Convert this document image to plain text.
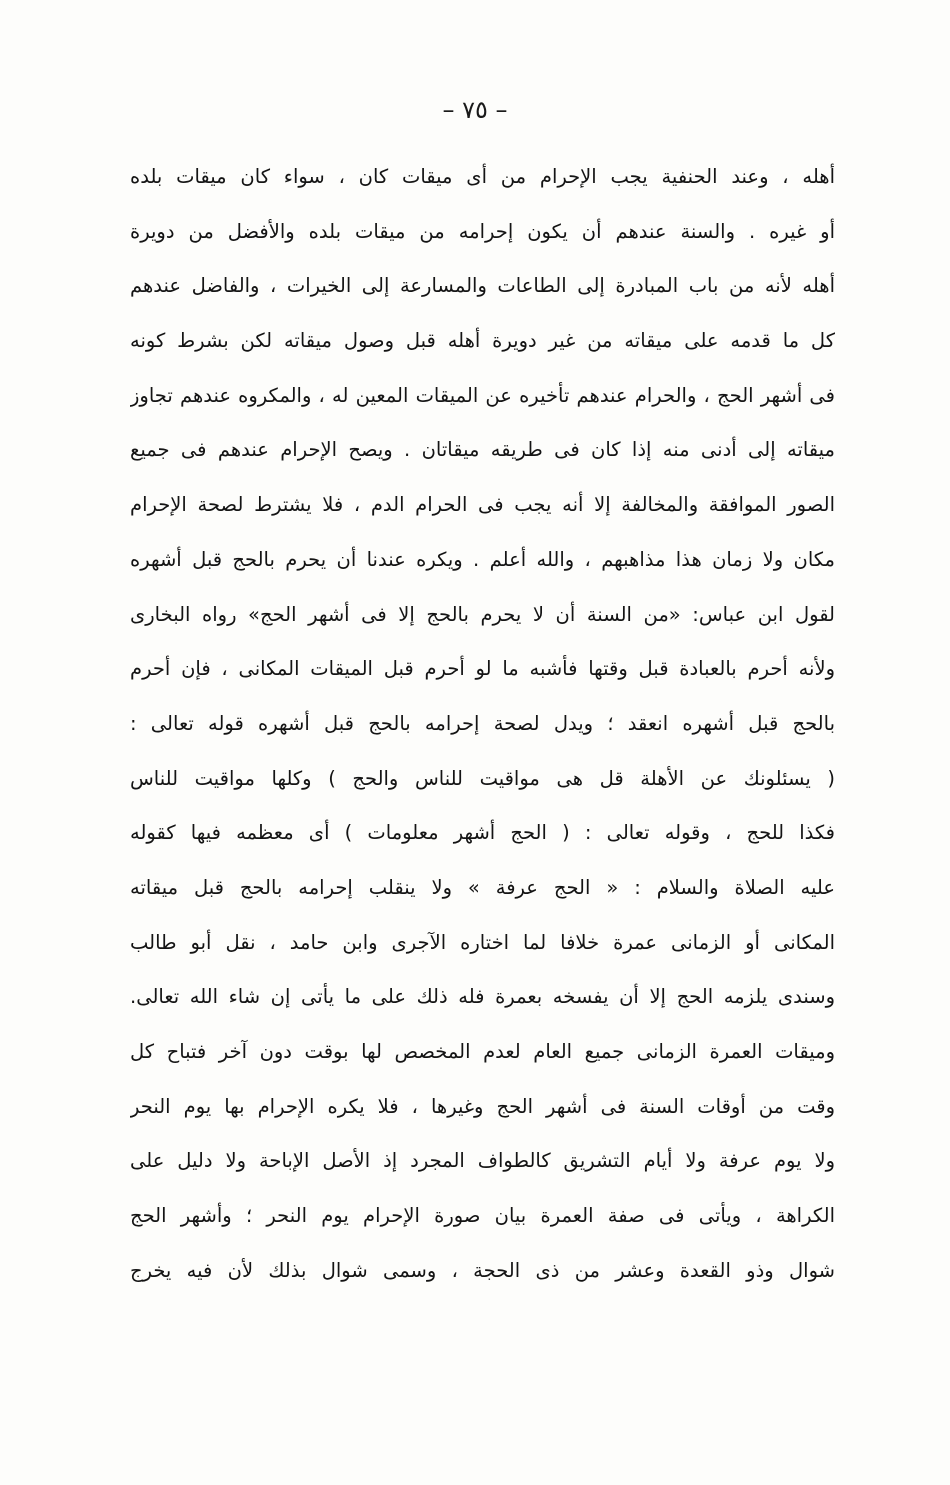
– ٧٥ –
أهله ، وعند الحنفية يجب الإحرام من أى ميقات كان ، سواء كان ميقات بلده
أو غيره . والسنة عندهم أن يكون إحرامه من ميقات بلده والأفضل من دويرة
أهله لأنه من باب المبادرة إلى الطاعات والمسارعة إلى الخيرات ، والفاضل عندهم
كل ما قدمه على ميقاته من غير دويرة أهله قبل وصول ميقاته لكن بشرط كونه
فى أشهر الحج ، والحرام عندهم تأخيره عن الميقات المعين له ، والمكروه عندهم تجاوز
ميقاته إلى أدنى منه إذا كان فى طريقه ميقاتان . ويصح الإحرام عندهم فى جميع
الصور الموافقة والمخالفة إلا أنه يجب فى الحرام الدم ، فلا يشترط لصحة الإحرام
مكان ولا زمان هذا مذاهبهم ، والله أعلم . ويكره عندنا أن يحرم بالحج قبل أشهره
لقول ابن عباس: «من السنة أن لا يحرم بالحج إلا فى أشهر الحج» رواه البخارى
ولأنه أحرم بالعبادة قبل وقتها فأشبه ما لو أحرم قبل الميقات المكانى ، فإن أحرم
بالحج قبل أشهره انعقد ؛ ويدل لصحة إحرامه بالحج قبل أشهره قوله تعالى :
( يسئلونك عن الأهلة قل هى مواقيت للناس والحج ) وكلها مواقيت للناس
فكذا للحج ، وقوله تعالى : ( الحج أشهر معلومات ) أى معظمه فيها كقوله
عليه الصلاة والسلام : « الحج عرفة » ولا ينقلب إحرامه بالحج قبل ميقاته
المكانى أو الزمانى عمرة خلافا لما اختاره الآجرى وابن حامد ، نقل أبو طالب
وسندى يلزمه الحج إلا أن يفسخه بعمرة فله ذلك على ما يأتى إن شاء الله تعالى.
وميقات العمرة الزمانى جميع العام لعدم المخصص لها بوقت دون آخر فتباح كل
وقت من أوقات السنة فى أشهر الحج وغيرها ، فلا يكره الإحرام بها يوم النحر
ولا يوم عرفة ولا أيام التشريق كالطواف المجرد إذ الأصل الإباحة ولا دليل على
الكراهة ، ويأتى فى صفة العمرة بيان صورة الإحرام يوم النحر ؛ وأشهر الحج
شوال وذو القعدة وعشر من ذى الحجة ، وسمى شوال بذلك لأن فيه يخرج
